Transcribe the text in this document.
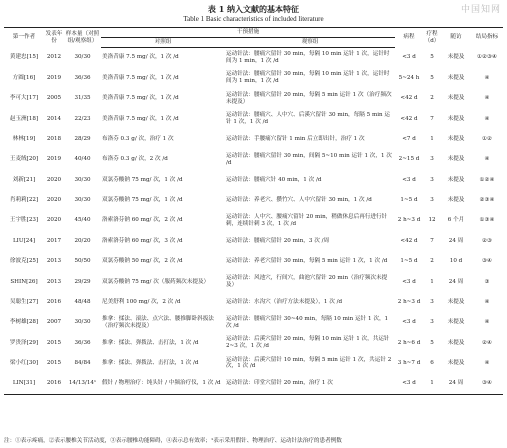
中国知网
表 1 纳入文献的基本特征
Table 1 Basic characteristics of included literature
第一作者	发表年份	样本量（对照组/观察组）	干预措施		病程	疗程（d）	随访	结局指标
			对照组	观察组				
黄建忠[15]	2012	30/30	美洛昔康 7.5 mg/ 次，1 次 /d	运动针法：腰痛穴留针 30 min，每隔 10 min 运针 1 次，运针时间为 1 min，1 次 /d	<3 d	5	未提及	①②③④
方圆[16]	2019	36/36	美洛昔康 7.5 mg/ 次，1 次 /d	运动针法：腰痛穴留针 30 min，每隔 10 min 运针 1 次，运针时间为 1 min，1 次 /d	5~24 h	5	未提及	④
李可大[17]	2005	31/35	美洛昔康 7.5 mg/ 次，1 次 /d	运动针法：腰痛穴留针 20 min，每隔 5 min 运针 1 次（治疗频次未提及）	<42 d	2	未提及	④
赵玉洲[18]	2014	22/23	美洛昔康 7.5 mg/ 次，1 次 /d	运动针法：腰痛穴、人中穴、后溪穴留针 30 min，每隔 5 min 运针 1 次，1 次 /d	<42 d	7	未提及	④
林林[19]	2018	28/29	布洛芬 0.3 g/ 次，治疗 1 次	运动针法：手腰痛穴留针 1 min 后立即出针，治疗 1 次	<7 d	1	未提及	①②
王麦绒[20]	2019	40/40	布洛芬 0.3 g/ 次，2 次 /d	运动针法：腰痛穴留针 30 min，间隔 5~10 min 运针 1 次，1 次 /d	2~15 d	3	未提及	④
刘新[21]	2020	30/30	双氯芬酸钠 75 mg/ 次，1 次 /d	运动针法：腰痛穴针 40 min，1 次 /d	<3 d	3	未提及	①②④
肖莉莉[22]	2020	30/30	双氯芬酸钠 75 mg/ 次，1 次 /d	运动针法：养老穴、攒竹穴、人中穴留针 30 min，1 次 /d	1~5 d	3	未提及	②③④
王宇胜[23]	2020	45/40	洛索洛芬钠 60 mg/ 次，2 次 /d	运动针法：人中穴、腰痛穴留针 20 min，稍做休息后再行进行针刺，连续针刺 3 次，1 次 /d	2 h~3 d	12	6 个月	①③④
LIU[24]	2017	20/20	洛索洛芬钠 60 mg/ 次，3 次 /d	运动针法：腰痛穴留针 20 min，3 次 /周	<42 d	7	24 周	②③
徐波克[25]	2013	50/50	双氯芬酸钠 50 mg/ 次，2 次 /d	运动针法：养老穴留针 30 min，每隔 5 min 运针 1 次，1 次 /d	1~5 d	2	10 d	③④
SHIN[26]	2013	29/29	双氯芬酸钠 75 mg/ 次（服药频次未提及）	运动针法：风池穴，行间穴，曲池穴留针 20 min（治疗频次未提及）	<3 d	1	24 周	③
吴聪生[27]	2016	48/48	尼美舒利 100 mg/ 次，2 次 /d	运动针法：水沟穴（治疗方法未提及），1 次 /d	2 h~3 d	3	未提及	④
李树雄[28]	2007	30/30	推拿：揉法、滚法、点穴法、腰推脚卧斜扳法（治疗频次未提及）	运动针法：腰痛穴留针 30~40 min，每隔 10 min 运针 1 次，1 次 /d	<3 d	3	未提及	④
罗贵泽[29]	2015	36/36	推拿：揉法、弹拨法、击打法，1 次 /d	运动针法：后溪穴留针 20 min，每隔 10 min 运针 1 次，共运针 2~3 次，1 次 /d	2 h~6 d	5	未提及	②④
梁小红[30]	2015	84/84	推拿：揉法、弹拨法、击打法，1 次 /d	运动针法：后溪穴留针 10 min，每隔 5 min 运针 1 次，共运针 2 次，1 次 /d	3 h~7 d	6	未提及	④
LIN[31]	2016	14/13/14¹	假针 / 物理治疗：纯头针 / 中频治疗仪，1 次 /d	运动针法：印堂穴留针 20 min，治疗 1 次	<3 d	1	24 周	③④
注：①表示疼痛，②表示腰椎关节活动度，③表示腰椎功能障碍，④表示总有效率；¹表示采用假针、物理治疗、运动针法治疗的患者例数
